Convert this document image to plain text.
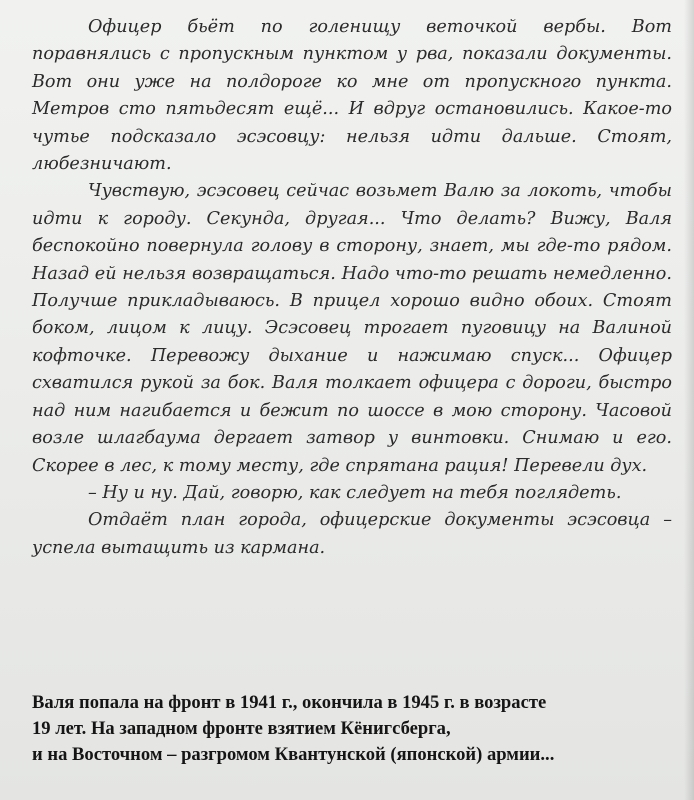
Офицер бьёт по голенищу веточкой вербы. Вот поравнялись с пропускным пунктом у рва, показали документы. Вот они уже на полдороге ко мне от пропускного пункта. Метров сто пятьдесят ещё... И вдруг остановились. Какое-то чутье подсказало эсэсовцу: нельзя идти дальше. Стоят, любезничают.

Чувствую, эсэсовец сейчас возьмет Валю за локоть, чтобы идти к городу. Секунда, другая... Что делать? Вижу, Валя беспокойно повернула голову в сторону, знает, мы где-то рядом. Назад ей нельзя возвращаться. Надо что-то решать немедленно. Получше прикладываюсь. В прицел хорошо видно обоих. Стоят боком, лицом к лицу. Эсэсовец трогает пуговицу на Валиной кофточке. Перевожу дыхание и нажимаю спуск... Офицер схватился рукой за бок. Валя толкает офицера с дороги, быстро над ним нагибается и бежит по шоссе в мою сторону. Часовой возле шлагбаума дергает затвор у винтовки. Снимаю и его. Скорее в лес, к тому месту, где спрятана рация! Перевели дух.

– Ну и ну. Дай, говорю, как следует на тебя поглядеть.

Отдаёт план города, офицерские документы эсэсовца – успела вытащить из кармана.

Валя попала на фронт в 1941 г., окончила в 1945 г. в возрасте
19 лет. На западном фронте взятием Кёнигсберга,
и на Восточном – разгромом Квантунской (японской) армии...
